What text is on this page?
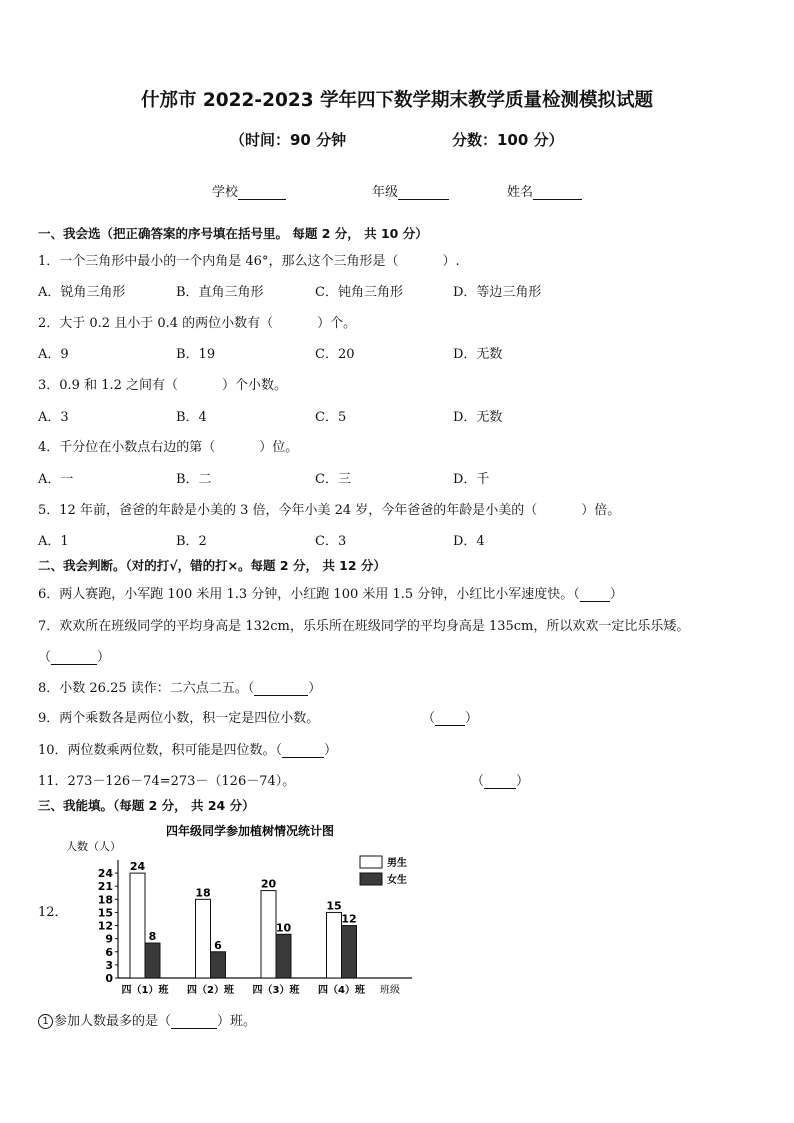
什邡市 2022-2023 学年四下数学期末教学质量检测模拟试题
（时间：90 分钟	分数：100 分）
学校	年级	姓名
一、我会选（把正确答案的序号填在括号里。 每题 2 分， 共 10 分）
1．一个三角形中最小的一个内角是 46°，那么这个三角形是（	）.
A．锐角三角形	B．直角三角形	C．钝角三角形	D．等边三角形
2．大于 0.2 且小于 0.4 的两位小数有（	）个。
A．9	B．19	C．20	D．无数
3．0.9 和 1.2 之间有（	）个小数。
A．3	B．4	C．5	D．无数
4．千分位在小数点右边的第（	）位。
A．一	B．二	C．三	D．千
5．12 年前，爸爸的年龄是小美的 3 倍，今年小美 24 岁，今年爸爸的年龄是小美的（	）倍。
A．1	B．2	C．3	D．4
二、我会判断。（对的打√，错的打×。每题 2 分， 共 12 分）
6．两人赛跑，小军跑 100 米用 1.3 分钟，小红跑 100 米用 1.5 分钟，小红比小军速度快。（ ）
7．欢欢所在班级同学的平均身高是 132cm，乐乐所在班级同学的平均身高是 135cm，所以欢欢一定比乐乐矮。
（	）
8．小数 26.25 读作：二六点二五。（	）
9．两个乘数各是两位小数，积一定是四位小数。	（ ）
10．两位数乘两位数，积可能是四位数。（	）
11．273－126－74=273－（126－74）。	（ ）
三、我能填。（每题 2 分， 共 24 分）
12．
四年级同学参加植树情况统计图
人数（人）
0
3
6
9
12
15
18
21
24
24
8
18
6
20
10
15
12
四（1）班 四（2）班 四（3）班 四（4）班 班级
男生
女生
1 参加人数最多的是（	）班。
